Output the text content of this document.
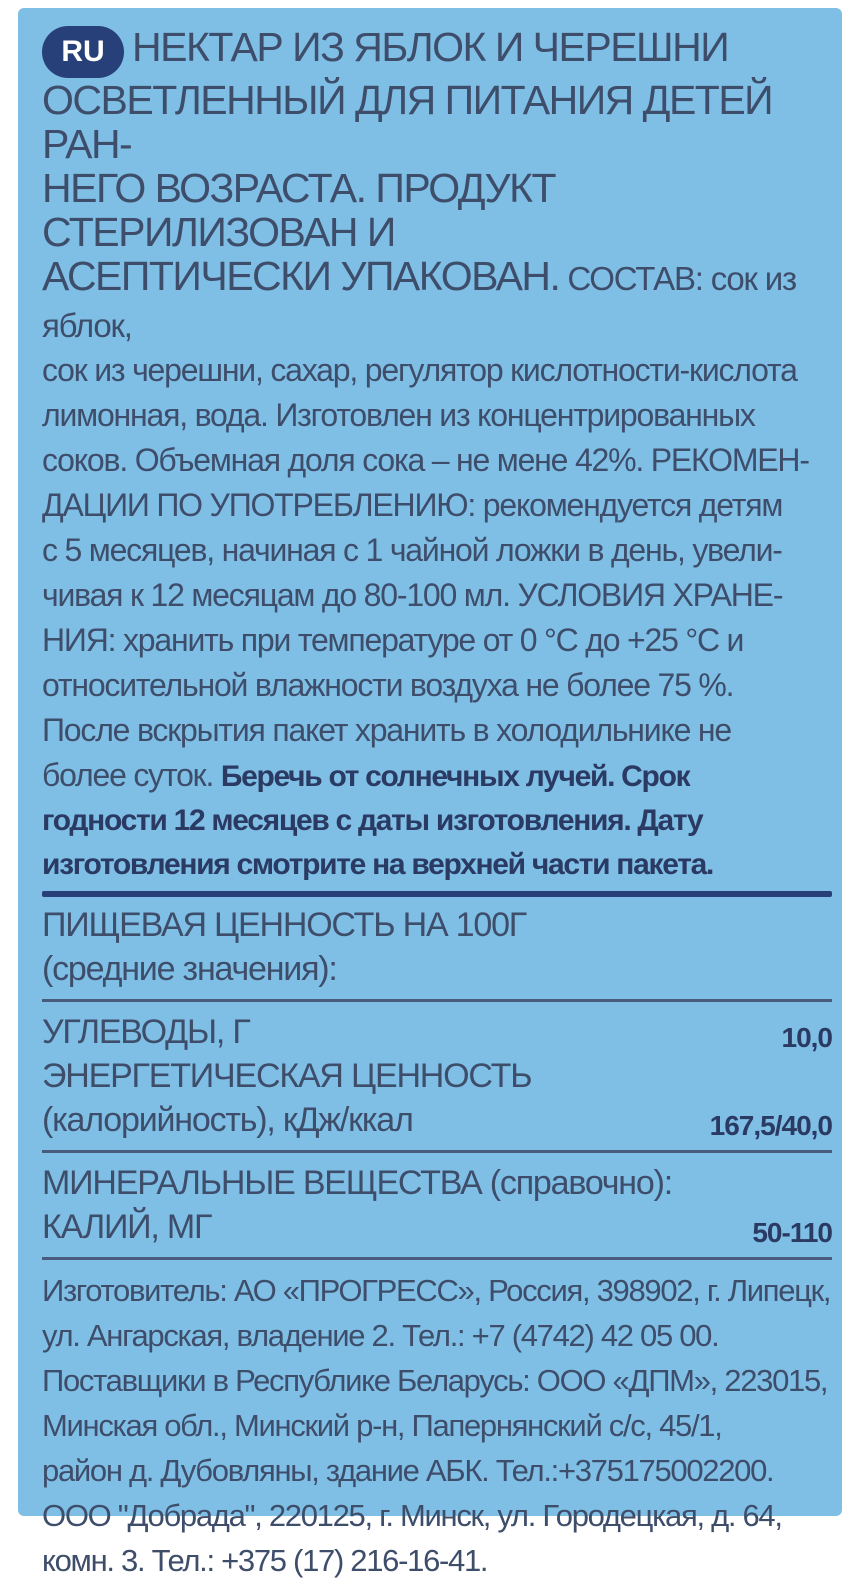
RU НЕКТАР ИЗ ЯБЛОК И ЧЕРЕШНИ
ОСВЕТЛЕННЫЙ ДЛЯ ПИТАНИЯ ДЕТЕЙ РАН-
НЕГО ВОЗРАСТА. ПРОДУКТ СТЕРИЛИЗОВАН И
АСЕПТИЧЕСКИ УПАКОВАН. СОСТАВ: сок из яблок,
сок из черешни, сахар, регулятор кислотности-кислота
лимонная, вода. Изготовлен из концентрированных
соков. Объемная доля сока – не мене 42%. РЕКОМЕН-
ДАЦИИ ПО УПОТРЕБЛЕНИЮ: рекомендуется детям
с 5 месяцев, начиная с 1 чайной ложки в день, увели-
чивая к 12 месяцам до 80-100 мл. УСЛОВИЯ ХРАНЕ-
НИЯ: хранить при температуре от 0 °С до +25 °С и
относительной влажности воздуха не более 75 %.
После вскрытия пакет хранить в холодильнике не
более суток. Беречь от солнечных лучей. Срок
годности 12 месяцев с даты изготовления. Дату
изготовления смотрите на верхней части пакета.
ПИЩЕВАЯ ЦЕННОСТЬ НА 100Г
(средние значения):
УГЛЕВОДЫ, Г	10,0
ЭНЕРГЕТИЧЕСКАЯ ЦЕННОСТЬ
(калорийность), кДж/ккал	167,5/40,0
МИНЕРАЛЬНЫЕ ВЕЩЕСТВА (справочно):
КАЛИЙ, МГ	50-110
Изготовитель: АО «ПРОГРЕСС», Россия, 398902, г. Липецк,
ул. Ангарская, владение 2. Тел.: +7 (4742) 42 05 00.
Поставщики в Республике Беларусь: ООО «ДПМ», 223015,
Минская обл., Минский р-н, Папернянский с/с, 45/1,
район д. Дубовляны, здание АБК. Тел.:+375175002200.
ООО "Добрада", 220125, г. Минск, ул. Городецкая, д. 64,
комн. 3. Тел.: +375 (17) 216-16-41.
